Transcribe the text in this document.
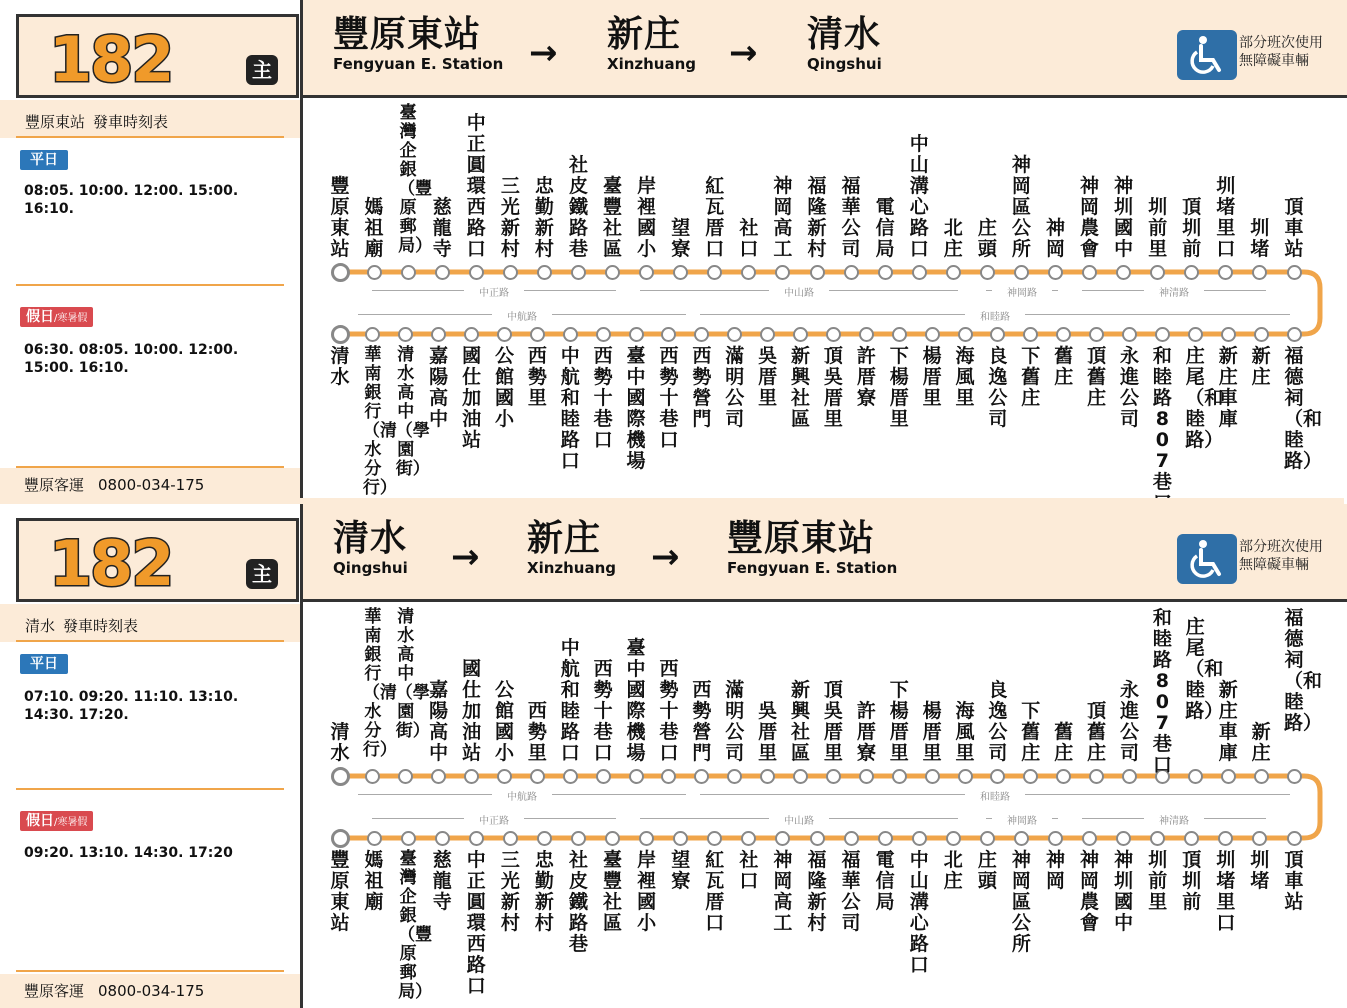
182	主
豐原東站 發車時刻表
平日
08:05. 10:00. 12:00. 15:00. 16:10.
假日/寒暑假
06:30. 08:05. 10:00. 12:00. 15:00. 16:10.
豐原客運 0800-034-175
豐原東站
Fengyuan E. Station → 新庄
Xinzhuang → 清水
Qingshui
部分班次使用
無障礙車輛
豐原東站
媽祖廟
臺灣企銀（豐原郵局）
慈龍寺
中正圓環西路口
三光新村
忠勤新村
社皮鐵路巷
臺豐社區
岸裡國小
望寮
紅瓦厝口
社口
神岡高工
福隆新村
福華公司
電信局
中山溝心路口
北庄
庄頭
神岡區公所
神岡
神岡農會
神圳國中
圳前里
頂圳前
圳堵里口
圳堵
頂車站
清水
華南銀行（清水分行）
清水高中（學園街）
嘉陽高中
國仕加油站
公館國小
西勢里
中航和睦路口
西勢十巷口
臺中國際機場
西勢十巷口
西勢營門
滿明公司
吳厝里
新興社區
頂吳厝里
許厝寮
下楊厝里
楊厝里
海風里
良逸公司
下舊庄
舊庄
頂舊庄
永進公司
和睦路807巷
庄尾（和睦路）
新庄車庫
新庄
福德祠（和睦路）
中正路	中山路	神岡路	神清路
中航路	和睦路
182	主
清水 發車時刻表
平日
07:10. 09:20. 11:10. 13:10. 14:30. 17:20.
假日/寒暑假
09:20. 13:10. 14:30. 17:20
豐原客運 0800-034-175
清水
Qingshui → 新庄
Xinzhuang → 豐原東站
Fengyuan E. Station
部分班次使用
無障礙車輛
清水
華南銀行（清水分行）
清水高中（學園街）
嘉陽高中
國仕加油站
公館國小
西勢里
中航和睦路口
西勢十巷口
臺中國際機場
西勢十巷口
西勢營門
滿明公司
吳厝里
新興社區
頂吳厝里
許厝寮
下楊厝里
楊厝里
海風里
良逸公司
下舊庄
舊庄
頂舊庄
永進公司
和睦路807巷口
庄尾（和睦路）
新庄車庫
新庄
福德祠（和睦路）
豐原東站
媽祖廟
臺灣企銀（豐原郵局）
慈龍寺
中正圓環西路口
三光新村
忠勤新村
社皮鐵路巷
臺豐社區
岸裡國小
望寮
紅瓦厝口
社口
神岡高工
福隆新村
福華公司
電信局
中山溝心路口
北庄
庄頭
神岡區公所
神岡
神岡農會
神圳國中
圳前里
頂圳前
圳堵里口
圳堵
頂車站
中航路	和睦路
中正路	中山路	神岡路	神清路
